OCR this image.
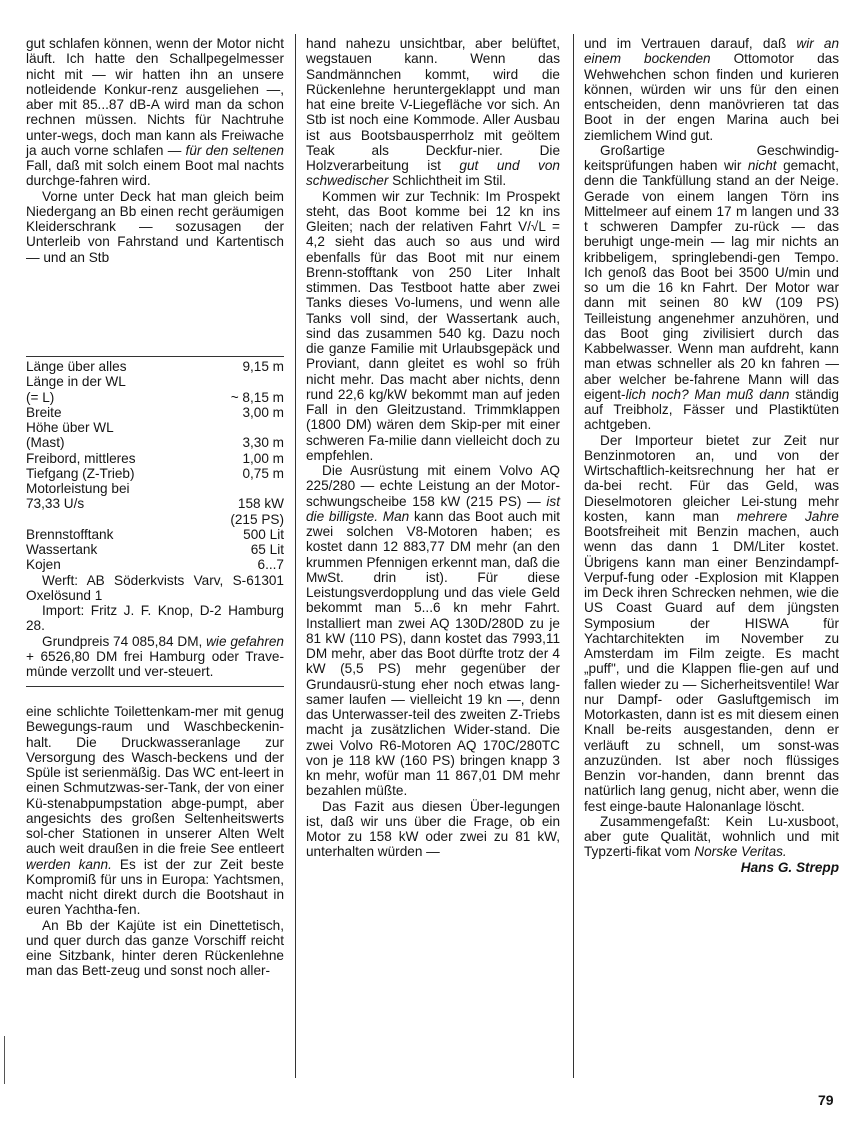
gut schlafen können, wenn der Motor nicht läuft. Ich hatte den Schallpegelmesser nicht mit — wir hatten ihn an unsere notleidende Konkur-renz ausgeliehen —, aber mit 85...87 dB-A wird man da schon rechnen müssen. Nichts für Nachtruhe unter-wegs, doch man kann als Freiwache ja auch vorne schlafen — für den seltenen Fall, daß mit solch einem Boot mal nachts durchge-fahren wird.

Vorne unter Deck hat man gleich beim Niedergang an Bb einen recht geräumigen Kleiderschrank — sozusagen der Unterleib von Fahrstand und Kartentisch — und an Stb

Länge über alles	9,15 m
Länge in der WL	
(= L)	~ 8,15 m
Breite	3,00 m
Höhe über WL	
(Mast)	3,30 m
Freibord, mittleres	1,00 m
Tiefgang (Z-Trieb)	0,75 m
Motorleistung bei	
73,33 U/s	158 kW
	(215 PS)
Brennstofftank	500 Lit
Wassertank	65 Lit
Kojen	6...7
Werft: AB Söderkvists Varv, S-61301 Oxelösund 1
Import: Fritz J. F. Knop, D-2 Hamburg 28.
Grundpreis 74 085,84 DM, wie gefahren + 6526,80 DM frei Hamburg oder Trave-münde verzollt und ver-steuert.

eine schlichte Toilettenkam-mer mit genug Bewegungs-raum und Waschbeckenin-halt. Die Druckwasseranlage zur Versorgung des Wasch-beckens und der Spüle ist serienmäßig. Das WC ent-leert in einen Schmutzwas-ser-Tank, der von einer Kü-stenabpumpstation abge-pumpt, aber angesichts des großen Seltenheitswerts sol-cher Stationen in unserer Alten Welt auch weit draußen in die freie See entleert werden kann. Es ist der zur Zeit beste Kompromiß für uns in Europa: Yachtsmen, macht nicht direkt durch die Bootshaut in euren Yachtha-fen.

An Bb der Kajüte ist ein Dinettetisch, und quer durch das ganze Vorschiff reicht eine Sitzbank, hinter deren Rückenlehne man das Bett-zeug und sonst noch aller-

hand nahezu unsichtbar, aber belüftet, wegstauen kann. Wenn das Sandmännchen kommt, wird die Rückenlehne heruntergeklappt und man hat eine breite V-Liegefläche vor sich. An Stb ist noch eine Kommode. Aller Ausbau ist aus Bootsbausperrholz mit geöltem Teak als Deckfur-nier. Die Holzverarbeitung ist gut und von schwedischer Schlichtheit im Stil.

Kommen wir zur Technik: Im Prospekt steht, das Boot komme bei 12 kn ins Gleiten; nach der relativen Fahrt V/√L = 4,2 sieht das auch so aus und wird ebenfalls für das Boot mit nur einem Brenn-stofftank von 250 Liter Inhalt stimmen. Das Testboot hatte aber zwei Tanks dieses Vo-lumens, und wenn alle Tanks voll sind, der Wassertank auch, sind das zusammen 540 kg. Dazu noch die ganze Familie mit Urlaubsgepäck und Proviant, dann gleitet es wohl so früh nicht mehr. Das macht aber nichts, denn rund 22,6 kg/kW bekommt man auf jeden Fall in den Gleitzustand. Trimmklappen (1800 DM) wären dem Skip-per mit einer schweren Fa-milie dann vielleicht doch zu empfehlen.

Die Ausrüstung mit einem Volvo AQ 225/280 — echte Leistung an der Motor-schwungscheibe 158 kW (215 PS) — ist die billigste. Man kann das Boot auch mit zwei solchen V8-Motoren haben; es kostet dann 12 883,77 DM mehr (an den krummen Pfennigen erkennt man, daß die MwSt. drin ist). Für diese Leistungsverdopplung und das viele Geld bekommt man 5...6 kn mehr Fahrt. Installiert man zwei AQ 130D/280D zu je 81 kW (110 PS), dann kostet das 7993,11 DM mehr, aber das Boot dürfte trotz der 4 kW (5,5 PS) mehr gegenüber der Grundausrü-stung eher noch etwas lang-samer laufen — vielleicht 19 kn —, denn das Unterwasser-teil des zweiten Z-Triebs macht ja zusätzlichen Wider-stand. Die zwei Volvo R6-Motoren AQ 170C/280TC von je 118 kW (160 PS) bringen knapp 3 kn mehr, wofür man 11 867,01 DM mehr bezahlen müßte.

Das Fazit aus diesen Über-legungen ist, daß wir uns über die Frage, ob ein Motor zu 158 kW oder zwei zu 81 kW, unterhalten würden —

und im Vertrauen darauf, daß wir an einem bockenden Ottomotor das Wehwehchen schon finden und kurieren können, würden wir uns für den einen entscheiden, denn manövrieren tat das Boot in der engen Marina auch bei ziemlichem Wind gut.

Großartige Geschwindig-keitsprüfungen haben wir nicht gemacht, denn die Tankfüllung stand an der Neige. Gerade von einem langen Törn ins Mittelmeer auf einem 17 m langen und 33 t schweren Dampfer zu-rück — das beruhigt unge-mein — lag mir nichts an kribbeligem, springlebendi-gen Tempo. Ich genoß das Boot bei 3500 U/min und so um die 16 kn Fahrt. Der Motor war dann mit seinen 80 kW (109 PS) Teilleistung angenehmer anzuhören, und das Boot ging zivilisiert durch das Kabbelwasser. Wenn man aufdreht, kann man etwas schneller als 20 kn fahren — aber welcher be-fahrene Mann will das eigent-lich noch? Man muß dann ständig auf Treibholz, Fässer und Plastiktüten achtgeben.

Der Importeur bietet zur Zeit nur Benzinmotoren an, und von der Wirtschaftlich-keitsrechnung her hat er da-bei recht. Für das Geld, was Dieselmotoren gleicher Lei-stung mehr kosten, kann man mehrere Jahre Bootsfreiheit mit Benzin machen, auch wenn das dann 1 DM/Liter kostet. Übrigens kann man einer Benzindampf-Verpuf-fung oder -Explosion mit Klappen im Deck ihren Schrecken nehmen, wie die US Coast Guard auf dem jüngsten Symposium der HISWA für Yachtarchitekten im November zu Amsterdam im Film zeigte. Es macht „puff", und die Klappen flie-gen auf und fallen wieder zu — Sicherheitsventile! War nur Dampf- oder Gasluftgemisch im Motorkasten, dann ist es mit diesem einen Knall be-reits ausgestanden, denn er verläuft zu schnell, um sonst-was anzuzünden. Ist aber noch flüssiges Benzin vor-handen, dann brennt das natürlich lang genug, nicht aber, wenn die fest einge-baute Halonanlage löscht.

Zusammengefaßt: Kein Lu-xusboot, aber gute Qualität, wohnlich und mit Typzerti-fikat vom Norske Veritas.

Hans G. Strepp

79
